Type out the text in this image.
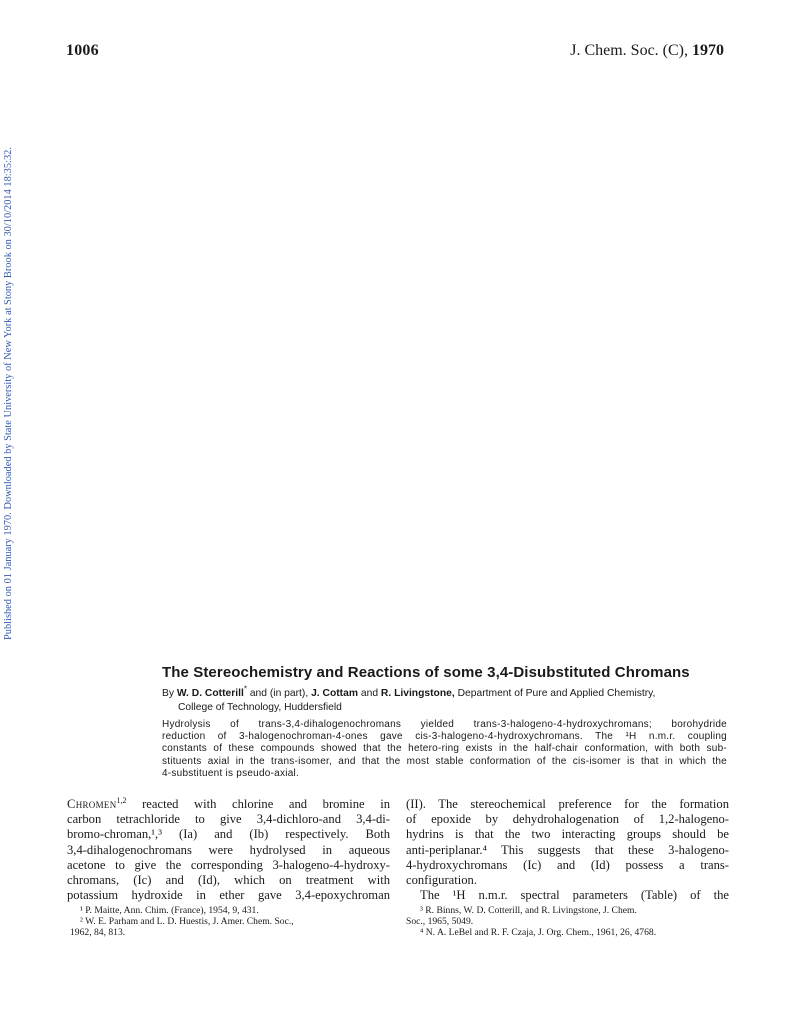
1006	J. Chem. Soc. (C), 1970
Published on 01 January 1970. Downloaded by State University of New York at Stony Brook on 30/10/2014 18:35:32.
The Stereochemistry and Reactions of some 3,4-Disubstituted Chromans
By W. D. Cotterill* and (in part), J. Cottam and R. Livingstone, Department of Pure and Applied Chemistry,
College of Technology, Huddersfield
Hydrolysis of trans-3,4-dihalogenochromans yielded trans-3-halogeno-4-hydroxychromans; borohydride
reduction of 3-halogenochroman-4-ones gave cis-3-halogeno-4-hydroxychromans. The ¹H n.m.r. coupling
constants of these compounds showed that the hetero-ring exists in the half-chair conformation, with both sub-
stituents axial in the trans-isomer, and that the most stable conformation of the cis-isomer is that in which the
4-substituent is pseudo-axial.
Chromen$^{1,2}$ reacted with chlorine and bromine in
carbon tetrachloride to give 3,4-dichloro-and 3,4-di-
bromo-chroman,¹,³ (Ia) and (Ib) respectively. Both
3,4-dihalogenochromans were hydrolysed in aqueous
acetone to give the corresponding 3-halogeno-4-hydroxy-
chromans, (Ic) and (Id), which on treatment with
potassium hydroxide in ether gave 3,4-epoxychroman
(II). The stereochemical preference for the formation
of epoxide by dehydrohalogenation of 1,2-halogeno-
hydrins is that the two interacting groups should be
anti-periplanar.⁴ This suggests that these 3-halogeno-
4-hydroxychromans (Ic) and (Id) possess a trans-
configuration.
The ¹H n.m.r. spectral parameters (Table) of the
¹ P. Maitte, Ann. Chim. (France), 1954, 9, 431.
² W. E. Parham and L. D. Huestis, J. Amer. Chem. Soc.,
1962, 84, 813.
³ R. Binns, W. D. Cotterill, and R. Livingstone, J. Chem.
Soc., 1965, 5049.
⁴ N. A. LeBel and R. F. Czaja, J. Org. Chem., 1961, 26, 4768.
